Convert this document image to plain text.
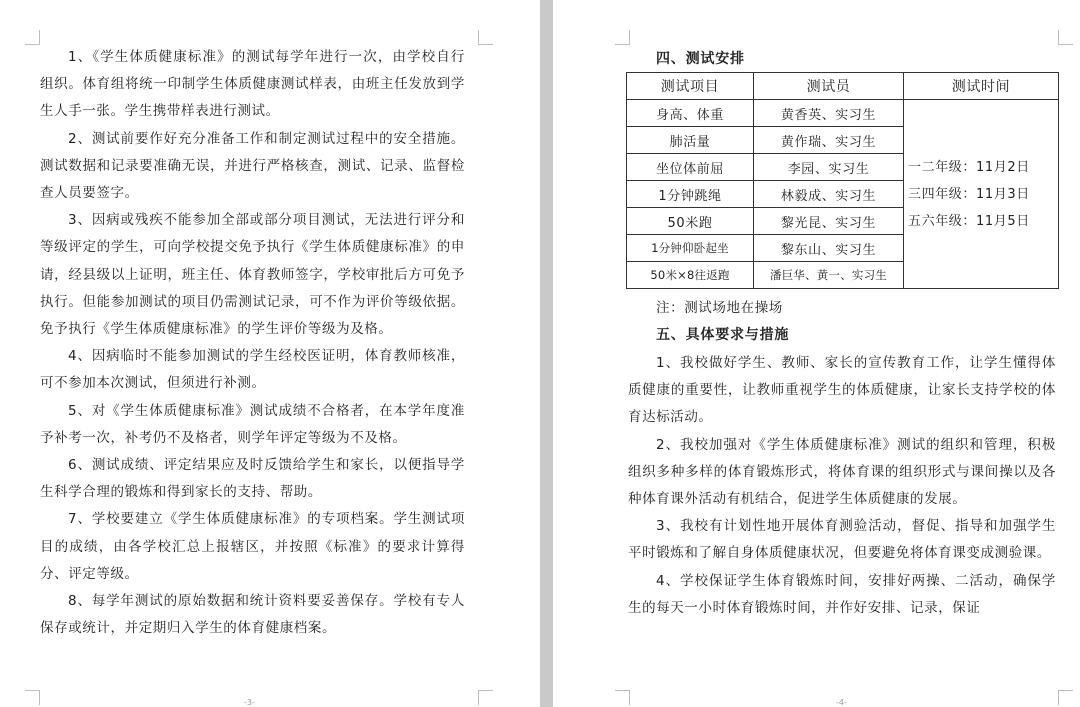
-3-

1、《学生体质健康标准》的测试每学年进行一次，由学校自行组织。体育组将统一印制学生体质健康测试样表，由班主任发放到学生人手一张。学生携带样表进行测试。

2、测试前要作好充分准备工作和制定测试过程中的安全措施。测试数据和记录要准确无误，并进行严格核查，测试、记录、监督检查人员要签字。

3、因病或残疾不能参加全部或部分项目测试，无法进行评分和等级评定的学生，可向学校提交免予执行《学生体质健康标准》的申请，经县级以上证明，班主任、体育教师签字，学校审批后方可免予执行。但能参加测试的项目仍需测试记录，可不作为评价等级依据。免予执行《学生体质健康标准》的学生评价等级为及格。

4、因病临时不能参加测试的学生经校医证明，体育教师核准，可不参加本次测试，但须进行补测。

5、对《学生体质健康标准》测试成绩不合格者，在本学年度准予补考一次，补考仍不及格者，则学年评定等级为不及格。

6、测试成绩、评定结果应及时反馈给学生和家长，以便指导学生科学合理的锻炼和得到家长的支持、帮助。

7、学校要建立《学生体质健康标准》的专项档案。学生测试项目的成绩，由各学校汇总上报辖区，并按照《标准》的要求计算得分、评定等级。

8、每学年测试的原始数据和统计资料要妥善保存。学校有专人保存或统计，并定期归入学生的体育健康档案。

-4-

四、测试安排

注：测试场地在操场

五、具体要求与措施

1、我校做好学生、教师、家长的宣传教育工作，让学生懂得体质健康的重要性，让教师重视学生的体质健康，让家长支持学校的体育达标活动。

2、我校加强对《学生体质健康标准》测试的组织和管理，积极组织多种多样的体育锻炼形式，将体育课的组织形式与课间操以及各种体育课外活动有机结合，促进学生体质健康的发展。

3、我校有计划性地开展体育测验活动，督促、指导和加强学生平时锻炼和了解自身体质健康状况，但要避免将体育课变成测验课。

4、学校保证学生体育锻炼时间，安排好两操、二活动，确保学生的每天一小时体育锻炼时间，并作好安排、记录，保证

测试项目	测试员	测试时间
身高、体重	黄香英、实习生	一二年级：11月2日
三四年级：11月3日
五六年级：11月5日

肺活量	黄作瑞、实习生	
坐位体前屈	李园、实习生	
1分钟跳绳	林毅成、实习生	
50米跑	黎光昆、实习生	
1分钟仰卧起坐	黎东山、实习生	
50米×8往返跑	潘巨华、黄一、实习生	
